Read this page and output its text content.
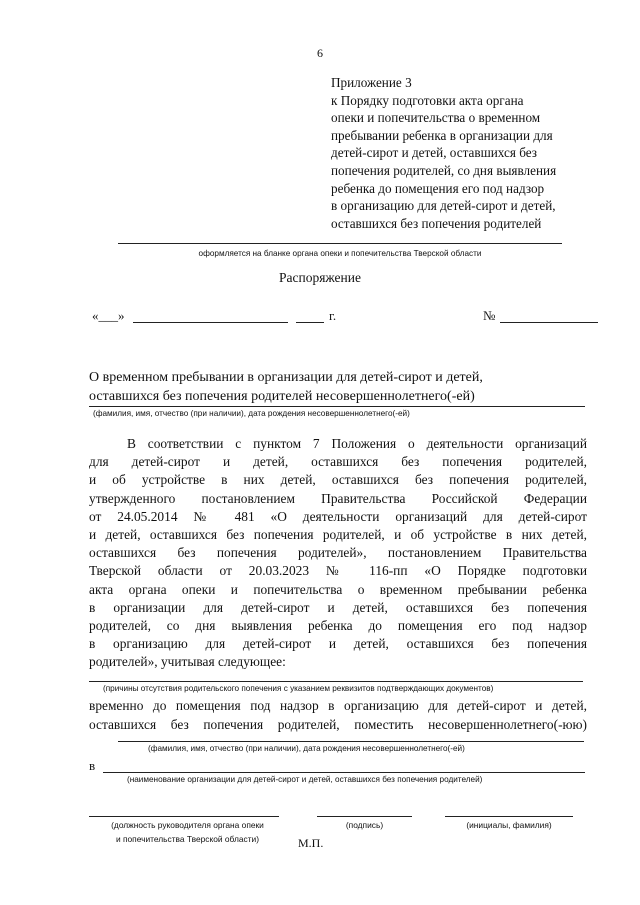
6
Приложение 3
к Порядку подготовки акта органа
опеки и попечительства о временном
пребывании ребенка в организации для
детей-сирот и детей, оставшихся без
попечения родителей, со дня выявления
ребенка до помещения его под надзор
в организацию для детей-сирот и детей,
оставшихся без попечения родителей
оформляется на бланке органа опеки и попечительства Тверской области
Распоряжение
«___»	г.	№
О временном пребывании в организации для детей-сирот и детей,
оставшихся без попечения родителей несовершеннолетнего(-ей)
(фамилия, имя, отчество (при наличии), дата рождения несовершеннолетнего(-ей)

В соответствии с пунктом 7 Положения о деятельности организаций

для детей-сирот и детей, оставшихся без попечения родителей,

и об устройстве в них детей, оставшихся без попечения родителей,

утвержденного постановлением Правительства Российской Федерации

от 24.05.2014 № 481 «О деятельности организаций для детей-сирот

и детей, оставшихся без попечения родителей, и об устройстве в них детей,

оставшихся без попечения родителей», постановлением Правительства

Тверской области от 20.03.2023 № 116-пп «О Порядке подготовки

акта органа опеки и попечительства о временном пребывании ребенка

в организации для детей-сирот и детей, оставшихся без попечения

родителей, со дня выявления ребенка до помещения его под надзор

в организацию для детей-сирот и детей, оставшихся без попечения

родителей», учитывая следующее:

(причины отсутствия родительского попечения с указанием реквизитов подтверждающих документов)

временно до помещения под надзор в организацию для детей-сирот и детей,

оставшихся без попечения родителей, поместить несовершеннолетнего(-юю)

(фамилия, имя, отчество (при наличии), дата рождения несовершеннолетнего(-ей)
в
(наименование организации для детей-сирот и детей, оставшихся без попечения родителей)
(должность руководителя органа опеки
и попечительства Тверской области)
(подпись)	(инициалы, фамилия)
М.П.
